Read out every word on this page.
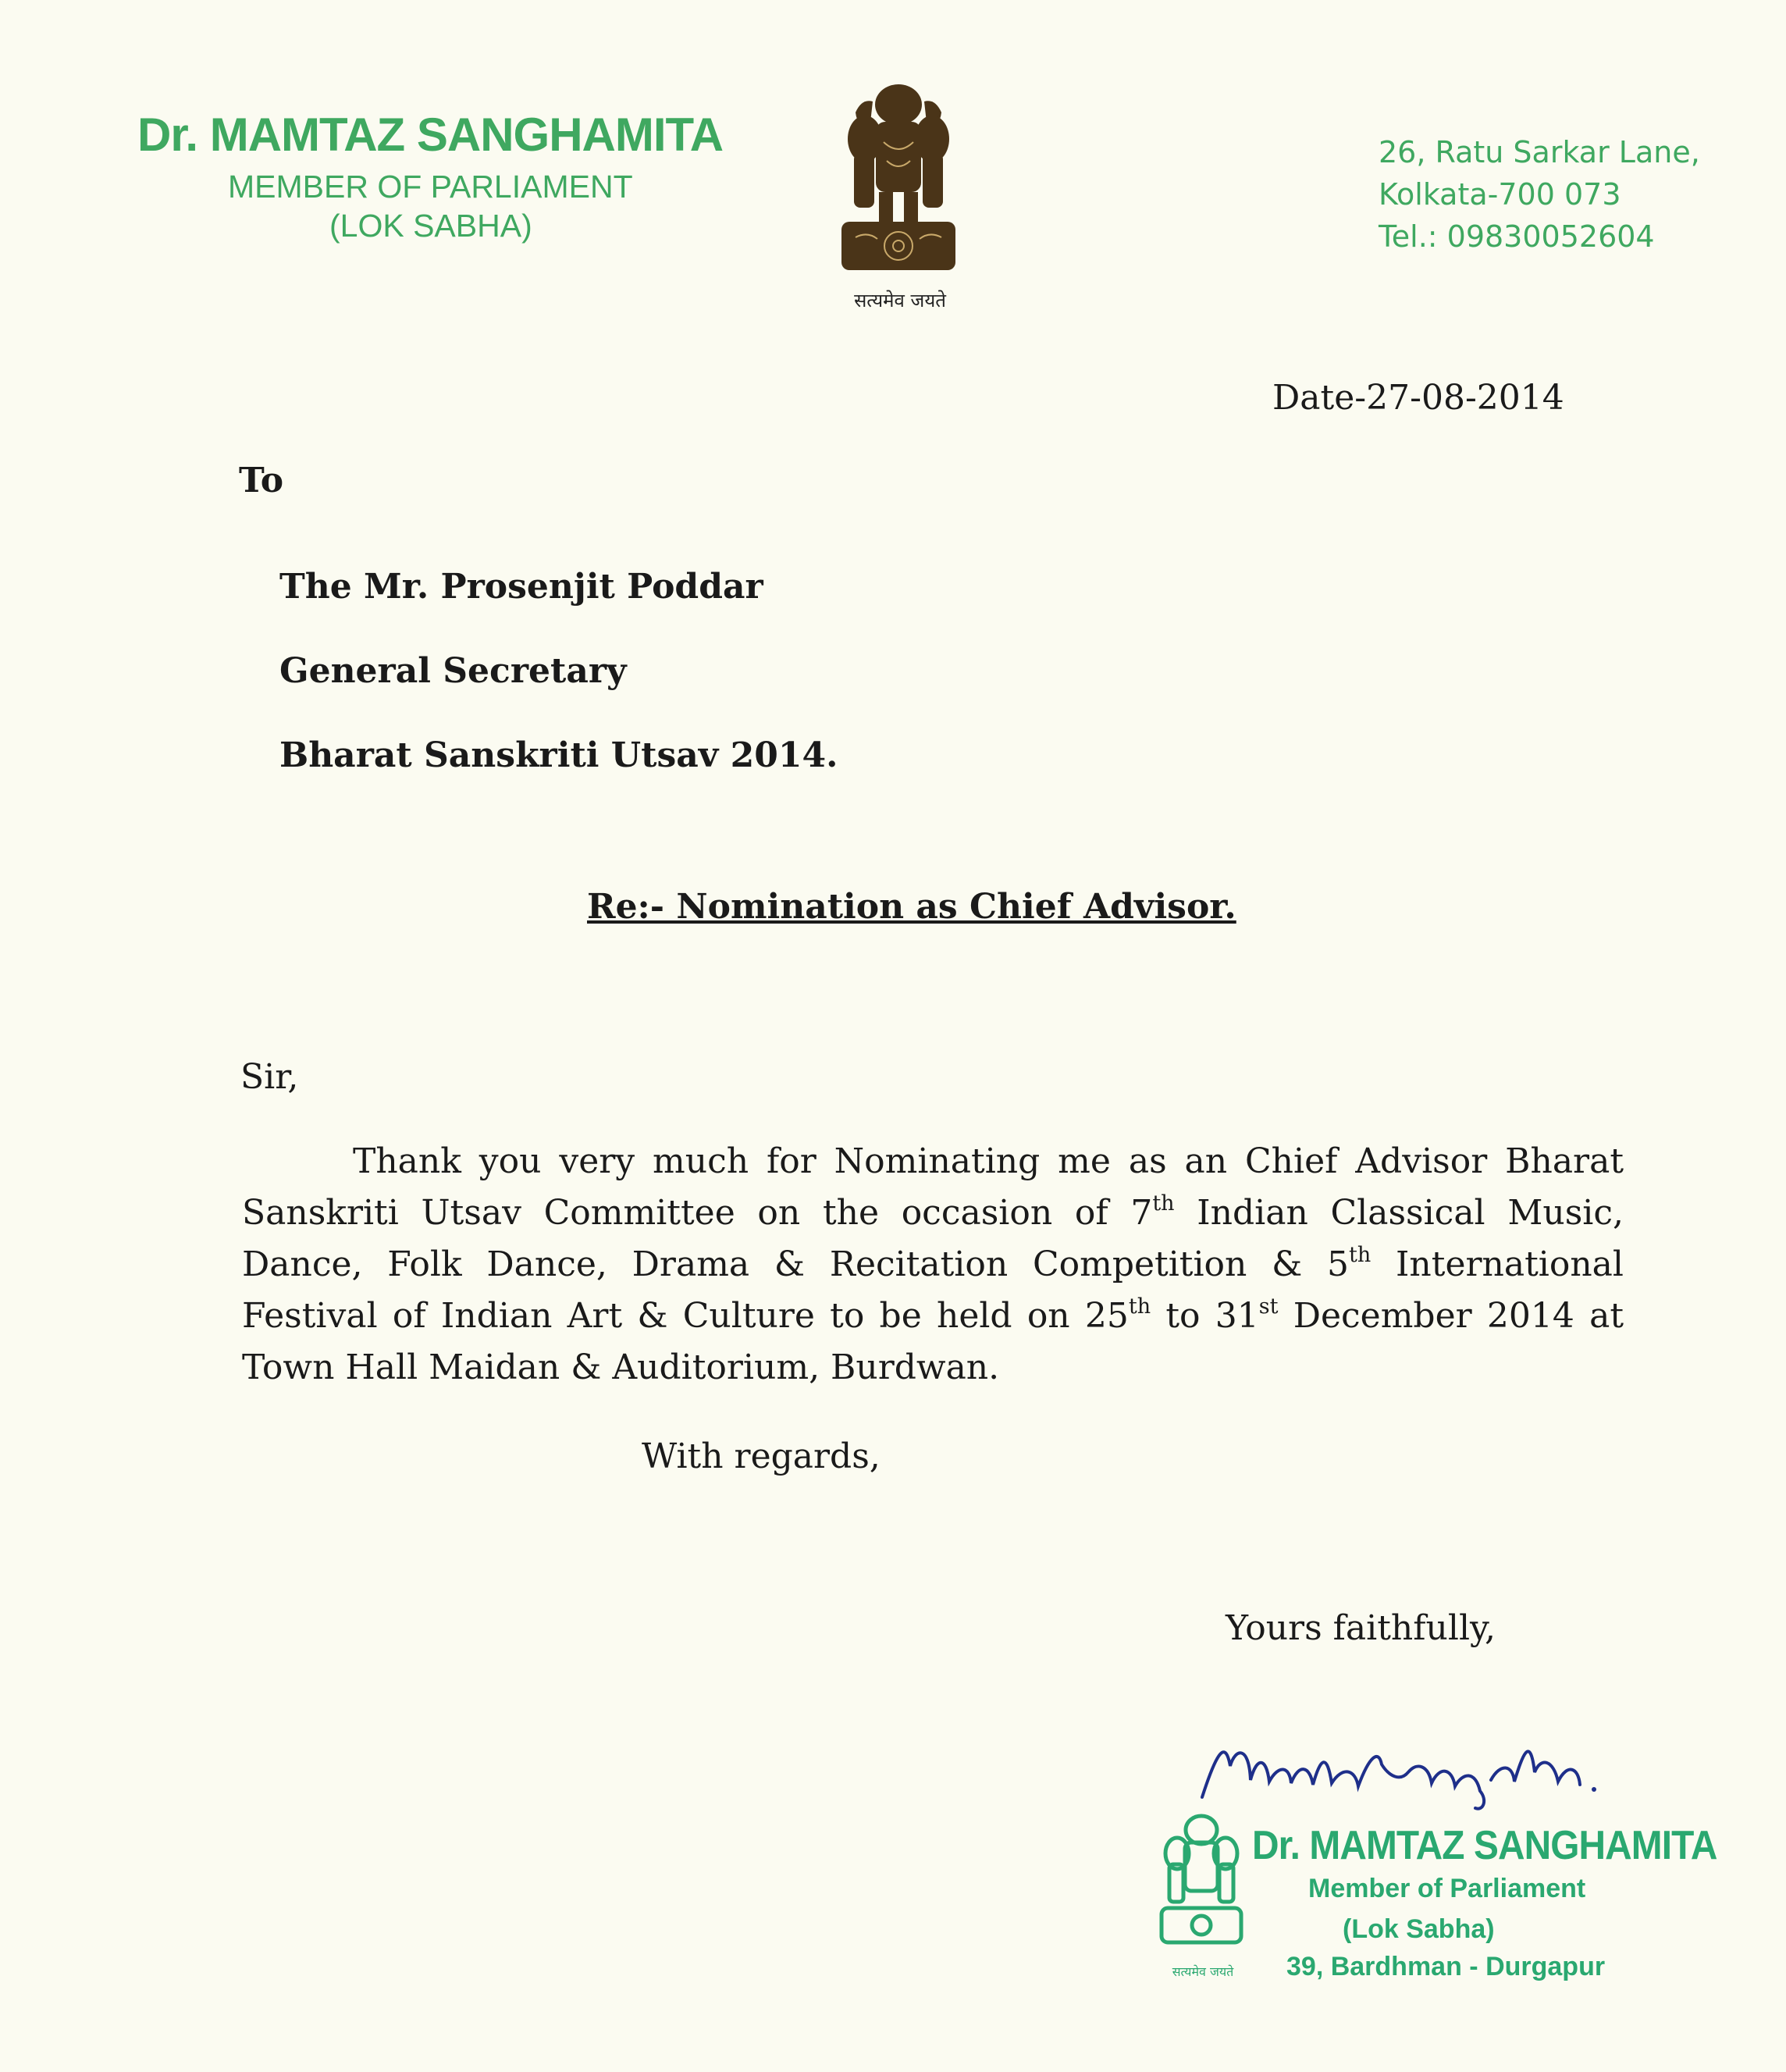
Dr. MAMTAZ SANGHAMITA
MEMBER OF PARLIAMENT
(LOK SABHA)
सत्यमेव जयते
26, Ratu Sarkar Lane,
Kolkata-700 073
Tel.: 09830052604
Date-27-08-2014
To
The Mr. Prosenjit Poddar
General Secretary
Bharat Sanskriti Utsav 2014.
Re:- Nomination as Chief Advisor.
Sir,
Thank you very much for Nominating me as an Chief Advisor Bharat Sanskriti Utsav Committee on the occasion of 7th Indian Classical Music, Dance, Folk Dance, Drama & Recitation Competition & 5th International Festival of Indian Art & Culture to be held on 25th to 31st December 2014 at Town Hall Maidan & Auditorium, Burdwan.
With regards,
Yours faithfully,
सत्यमेव जयते
Dr. MAMTAZ SANGHAMITA
Member of Parliament
(Lok Sabha)
39, Bardhman - Durgapur
